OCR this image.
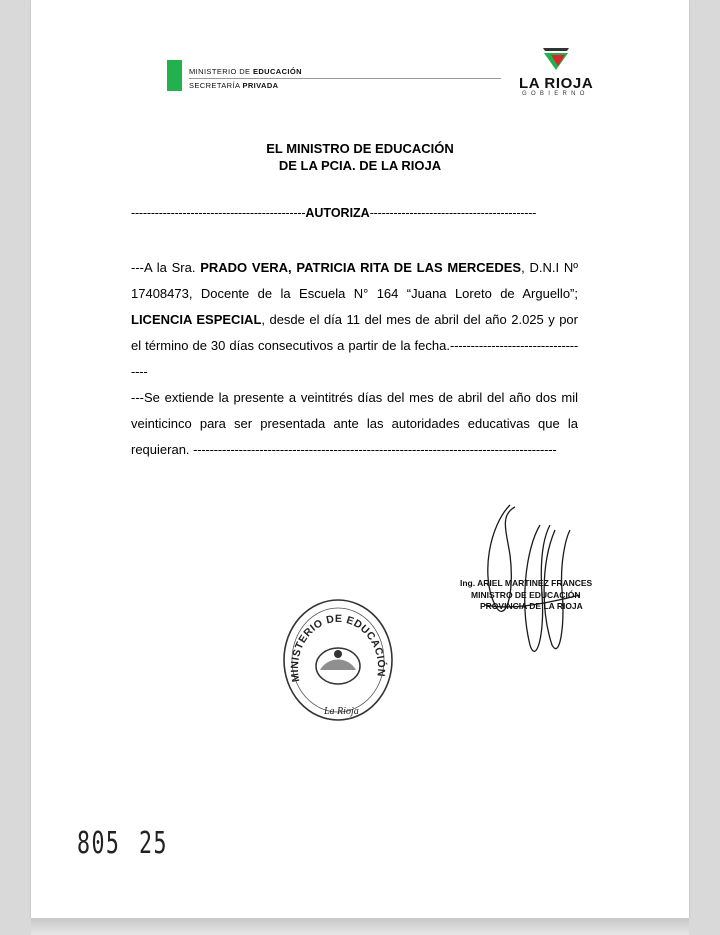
MINISTERIO DE EDUCACIÓN
SECRETARÍA PRIVADA	LA RIOJA
GOBIERNO
EL MINISTRO DE EDUCACIÓN
DE LA PCIA. DE LA RIOJA
--------------------------------------------AUTORIZA------------------------------------------

---A la Sra. PRADO VERA, PATRICIA RITA DE LAS MERCEDES, D.N.I Nº 17408473, Docente de la Escuela N° 164 “Juana Loreto de Arguello”; LICENCIA ESPECIAL, desde el día 11 del mes de abril del año 2.025 y por el término de 30 días consecutivos a partir de la fecha.-----------------------------------

---Se extiende la presente a veintitrés días del mes de abril del año dos mil veinticinco para ser presentada ante las autoridades educativas que la requieran. ----------------------------------------------------------------------------------------

Ing. ARIEL MARTINEZ FRANCES
MINISTRO DE EDUCACIÓN
PROVINCIA DE LA RIOJA
MINISTERIO DE EDUCACIÓN
La Rioja
805 25
